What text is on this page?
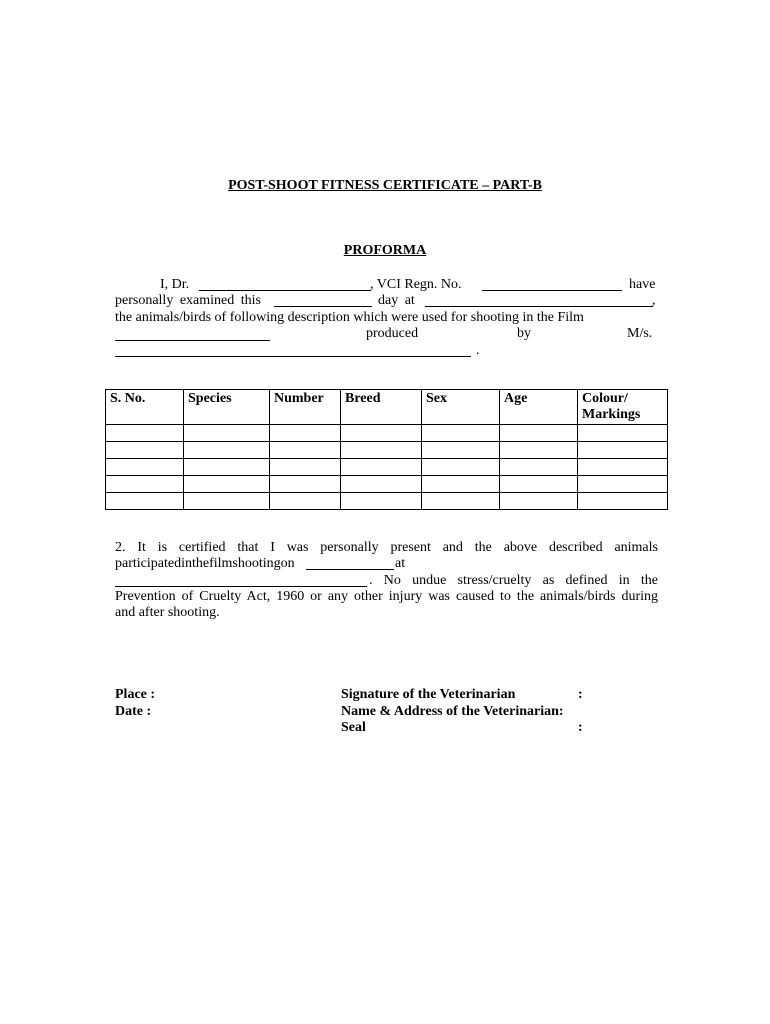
POST-SHOOT FITNESS CERTIFICATE – PART-B
PROFORMA
I, Dr.	, VCI Regn. No.	have
personally examined this	day at	,
the animals/birds of following description which were used for shooting in the Film
produced	by	M/s.
.
S. No.	Species	Number	Breed	Sex	Age	Colour/ Markings

2. It is certified that I was personally present and the above described animals
participatedinthefilmshootingon	at
. No undue stress/cruelty as defined in the
Prevention of Cruelty Act, 1960 or any other injury was caused to the animals/birds during
and after shooting.
Place :
Date :
Signature of the Veterinarian	:
Name & Address of the Veterinarian:
Seal	:
